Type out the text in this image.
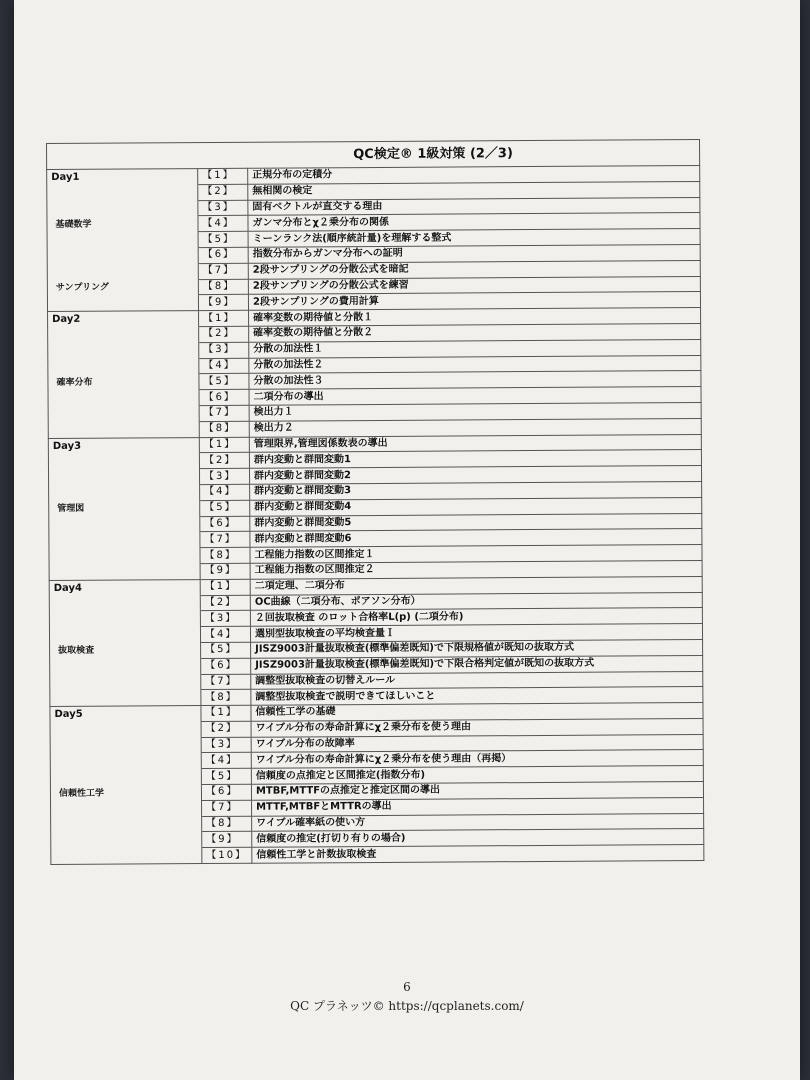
QC検定® 1級対策 (2／3)
Day1	【1】	正規分布の定積分
	【2】	無相関の検定
	【3】	固有ベクトルが直交する理由

基礎数学	【4】	ガンマ分布とχ２乗分布の関係
	【5】	ミーンランク法(順序統計量)を理解する整式
	【6】	指数分布からガンマ分布への証明
	【7】	2段サンプリングの分散公式を暗記

サンプリング	【8】	2段サンプリングの分散公式を練習
	【9】	2段サンプリングの費用計算

Day2	【1】	確率変数の期待値と分散１
	【2】	確率変数の期待値と分散２
	【3】	分散の加法性１
	【4】	分散の加法性２

確率分布	【5】	分散の加法性３
	【6】	二項分布の導出
	【7】	検出力１
	【8】	検出力２

Day3	【1】	管理限界,管理図係数表の導出
	【2】	群内変動と群間変動1
	【3】	群内変動と群間変動2
	【4】	群内変動と群間変動3

管理図	【5】	群内変動と群間変動4
	【6】	群内変動と群間変動5
	【7】	群内変動と群間変動6
	【8】	工程能力指数の区間推定１
	【9】	工程能力指数の区間推定２

Day4	【1】	二項定理、二項分布
	【2】	OC曲線（二項分布、ポアソン分布）
	【3】	２回抜取検査 のロット合格率L(p) (二項分布)
	【4】	選別型抜取検査の平均検査量Ｉ

抜取検査	【5】	JISZ9003計量抜取検査(標準偏差既知)で下限規格値が既知の抜取方式
	【6】	JISZ9003計量抜取検査(標準偏差既知)で下限合格判定値が既知の抜取方式
	【7】	調整型抜取検査の切替えルール
	【8】	調整型抜取検査で説明できてほしいこと

Day5	【1】	信頼性工学の基礎
	【2】	ワイブル分布の寿命計算にχ２乗分布を使う理由
	【3】	ワイブル分布の故障率
	【4】	ワイブル分布の寿命計算にχ２乗分布を使う理由（再掲）
	【5】	信頼度の点推定と区間推定(指数分布)

信頼性工学	【6】	MTBF,MTTFの点推定と推定区間の導出
	【7】	MTTF,MTBFとMTTRの導出
	【8】	ワイブル確率紙の使い方
	【9】	信頼度の推定(打切り有りの場合)
	【10】	信頼性工学と計数抜取検査
6
QC プラネッツ© https://qcplanets.com/
